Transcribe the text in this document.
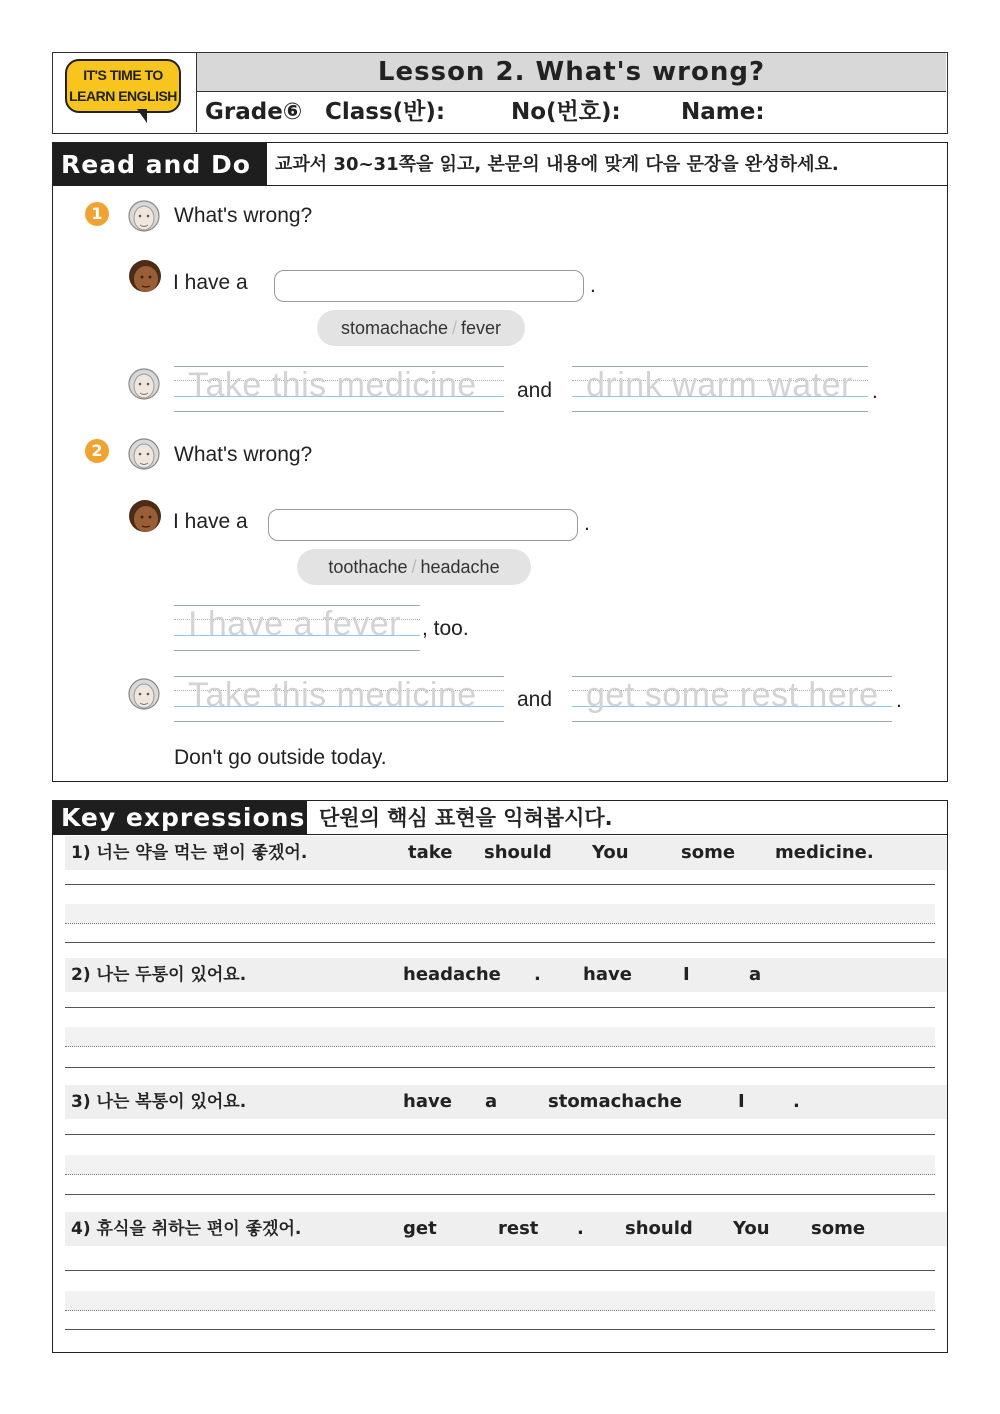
IT'S TIME TO
LEARN ENGLISH
Lesson 2. What's wrong?
Grade⑥ Class(반):	No(번호):	Name:
Read and Do	교과서 30~31쪽을 읽고, 본문의 내용에 맞게 다음 문장을 완성하세요.
1	What's wrong?
I have a	.
stomachache / fever
Take this medicine and drink warm water .
2	What's wrong?
I have a	.
toothache / headache
I have a fever , too.
Take this medicine and get some rest here .
Don't go outside today.
Key expressions 단원의 핵심 표현을 익혀봅시다.
1) 너는 약을 먹는 편이 좋겠어.	take should You	some medicine.
2) 나는 두통이 있어요.	headache . have	I	a
3) 나는 복통이 있어요.	have a	stomachache	I	.
4) 휴식을 취하는 편이 좋겠어.	get	rest . should You some
